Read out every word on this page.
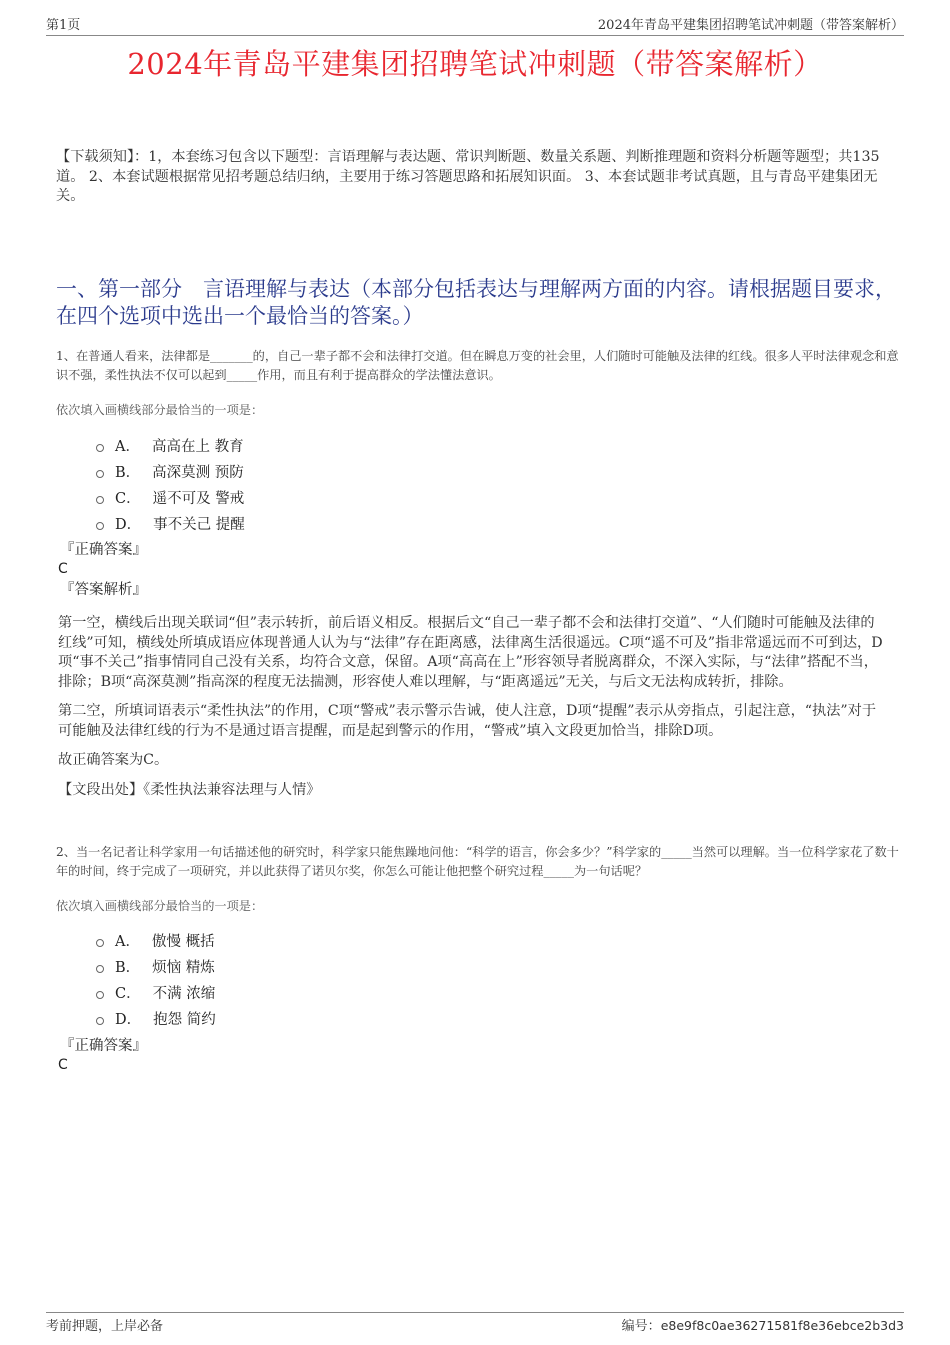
第1页	2024年青岛平建集团招聘笔试冲刺题（带答案解析）
2024年青岛平建集团招聘笔试冲刺题（带答案解析）
【下载须知】：1，本套练习包含以下题型：言语理解与表达题、常识判断题、数量关系题、判断推理题和资料分析题等题型；共135道。 2、本套试题根据常见招考题总结归纳，主要用于练习答题思路和拓展知识面。 3、本套试题非考试真题，且与青岛平建集团无关。
一、第一部分　言语理解与表达（本部分包括表达与理解两方面的内容。请根据题目要求，在四个选项中选出一个最恰当的答案。）
1、在普通人看来，法律都是_______的，自己一辈子都不会和法律打交道。但在瞬息万变的社会里，人们随时可能触及法律的红线。很多人平时法律观念和意识不强，柔性执法不仅可以起到_____作用，而且有利于提高群众的学法懂法意识。
依次填入画横线部分最恰当的一项是：
A． 高高在上 教育
B． 高深莫测 预防
C． 遥不可及 警戒
D． 事不关己 提醒
『正确答案』
C
『答案解析』

第一空，横线后出现关联词“但”表示转折，前后语义相反。根据后文“自己一辈子都不会和法律打交道”、“人们随时可能触及法律的红线”可知，横线处所填成语应体现普通人认为与“法律”存在距离感，法律离生活很遥远。C项“遥不可及”指非常遥远而不可到达，D项“事不关己”指事情同自己没有关系，均符合文意，保留。A项“高高在上”形容领导者脱离群众，不深入实际，与“法律”搭配不当，排除；B项“高深莫测”指高深的程度无法揣测，形容使人难以理解，与“距离遥远”无关，与后文无法构成转折，排除。

第二空，所填词语表示“柔性执法”的作用，C项“警戒”表示警示告诫，使人注意，D项“提醒”表示从旁指点，引起注意，“执法”对于可能触及法律红线的行为不是通过语言提醒，而是起到警示的作用，“警戒”填入文段更加恰当，排除D项。

故正确答案为C。

【文段出处】《柔性执法兼容法理与人情》

2、当一名记者让科学家用一句话描述他的研究时，科学家只能焦躁地问他：“科学的语言，你会多少？”科学家的_____当然可以理解。当一位科学家花了数十年的时间，终于完成了一项研究，并以此获得了诺贝尔奖，你怎么可能让他把整个研究过程_____为一句话呢？
依次填入画横线部分最恰当的一项是：
A． 傲慢 概括
B． 烦恼 精炼
C． 不满 浓缩
D． 抱怨 简约
『正确答案』
C
考前押题，上岸必备	编号：e8e9f8c0ae36271581f8e36ebce2b3d3
